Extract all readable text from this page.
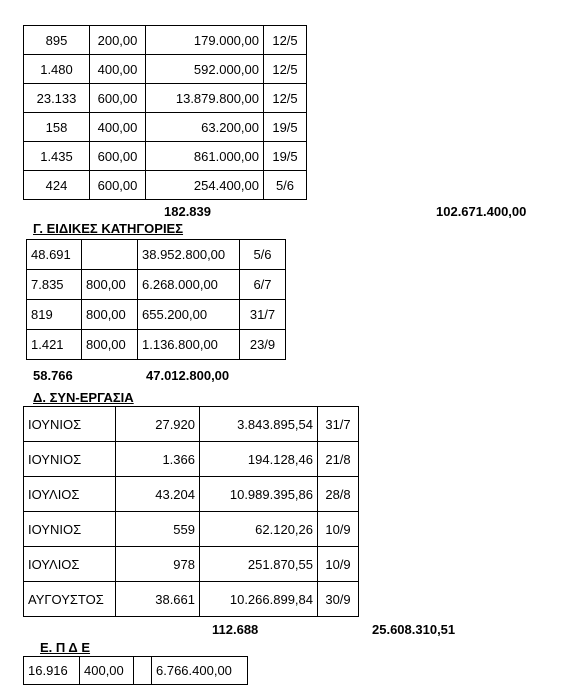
895	200,00	179.000,00	12/5
1.480	400,00	592.000,00	12/5
23.133	600,00	13.879.800,00	12/5
158	400,00	63.200,00	19/5
1.435	600,00	861.000,00	19/5
424	600,00	254.400,00	5/6
182.839	102.671.400,00
Γ. ΕΙΔΙΚΕΣ ΚΑΤΗΓΟΡΙΕΣ
48.691		38.952.800,00	5/6
7.835	800,00	6.268.000,00	6/7
819	800,00	655.200,00	31/7
1.421	800,00	1.136.800,00	23/9
58.766	47.012.800,00
Δ. ΣΥΝ-ΕΡΓΑΣΙΑ
ΙΟΥΝΙΟΣ	27.920	3.843.895,54	31/7
ΙΟΥΝΙΟΣ	1.366	194.128,46	21/8
ΙΟΥΛΙΟΣ	43.204	10.989.395,86	28/8
ΙΟΥΝΙΟΣ	559	62.120,26	10/9
ΙΟΥΛΙΟΣ	978	251.870,55	10/9
ΑΥΓΟΥΣΤΟΣ	38.661	10.266.899,84	30/9
112.688	25.608.310,51
Ε. Π Δ Ε
16.916	400,00		6.766.400,00
